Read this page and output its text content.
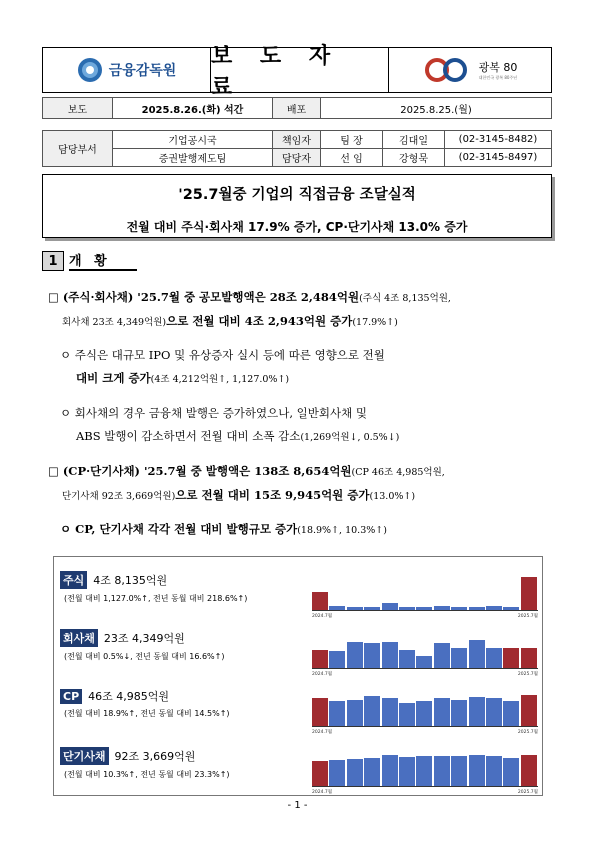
금융감독원
보 도 자 료
광복 80
대한민국 광복 80주년
보도	2025.8.26.(화) 석간	배포	2025.8.25.(월)
담당부서	기업공시국	책임자	팀 장	김대일	(02-3145-8482)
	증권발행제도팀	담당자	선 임	강형묵	(02-3145-8497)
'25.7월중 기업의 직접금융 조달실적
전월 대비 주식·회사채 17.9% 증가, CP·단기사채 13.0% 증가
1 개 황
□ (주식·회사채) '25.7월 중 공모발행액은 28조 2,484억원(주식 4조 8,135억원,
회사채 23조 4,349억원)으로 전월 대비 4조 2,943억원 증가(17.9%↑)
ㅇ 주식은 대규모 IPO 및 유상증자 실시 등에 따른 영향으로 전월
대비 크게 증가(4조 4,212억원↑, 1,127.0%↑)
ㅇ 회사채의 경우 금융채 발행은 증가하였으나, 일반회사채 및
ABS 발행이 감소하면서 전월 대비 소폭 감소(1,269억원↓, 0.5%↓)
□ (CP·단기사채) '25.7월 중 발행액은 138조 8,654억원(CP 46조 4,985억원,
단기사채 92조 3,669억원)으로 전월 대비 15조 9,945억원 증가(13.0%↑)
ㅇ CP, 단기사채 각각 전월 대비 발행규모 증가(18.9%↑, 10.3%↑)
주식 4조 8,135억원
(전월 대비 1,127.0%↑, 전년 동월 대비 218.6%↑)
2024.7월	2025.7월
회사채 23조 4,349억원
(전월 대비 0.5%↓, 전년 동월 대비 16.6%↑)
2024.7월	2025.7월
CP 46조 4,985억원
(전월 대비 18.9%↑, 전년 동월 대비 14.5%↑)
2024.7월	2025.7월
단기사채 92조 3,669억원
(전월 대비 10.3%↑, 전년 동월 대비 23.3%↑)
2024.7월	2025.7월
- 1 -
